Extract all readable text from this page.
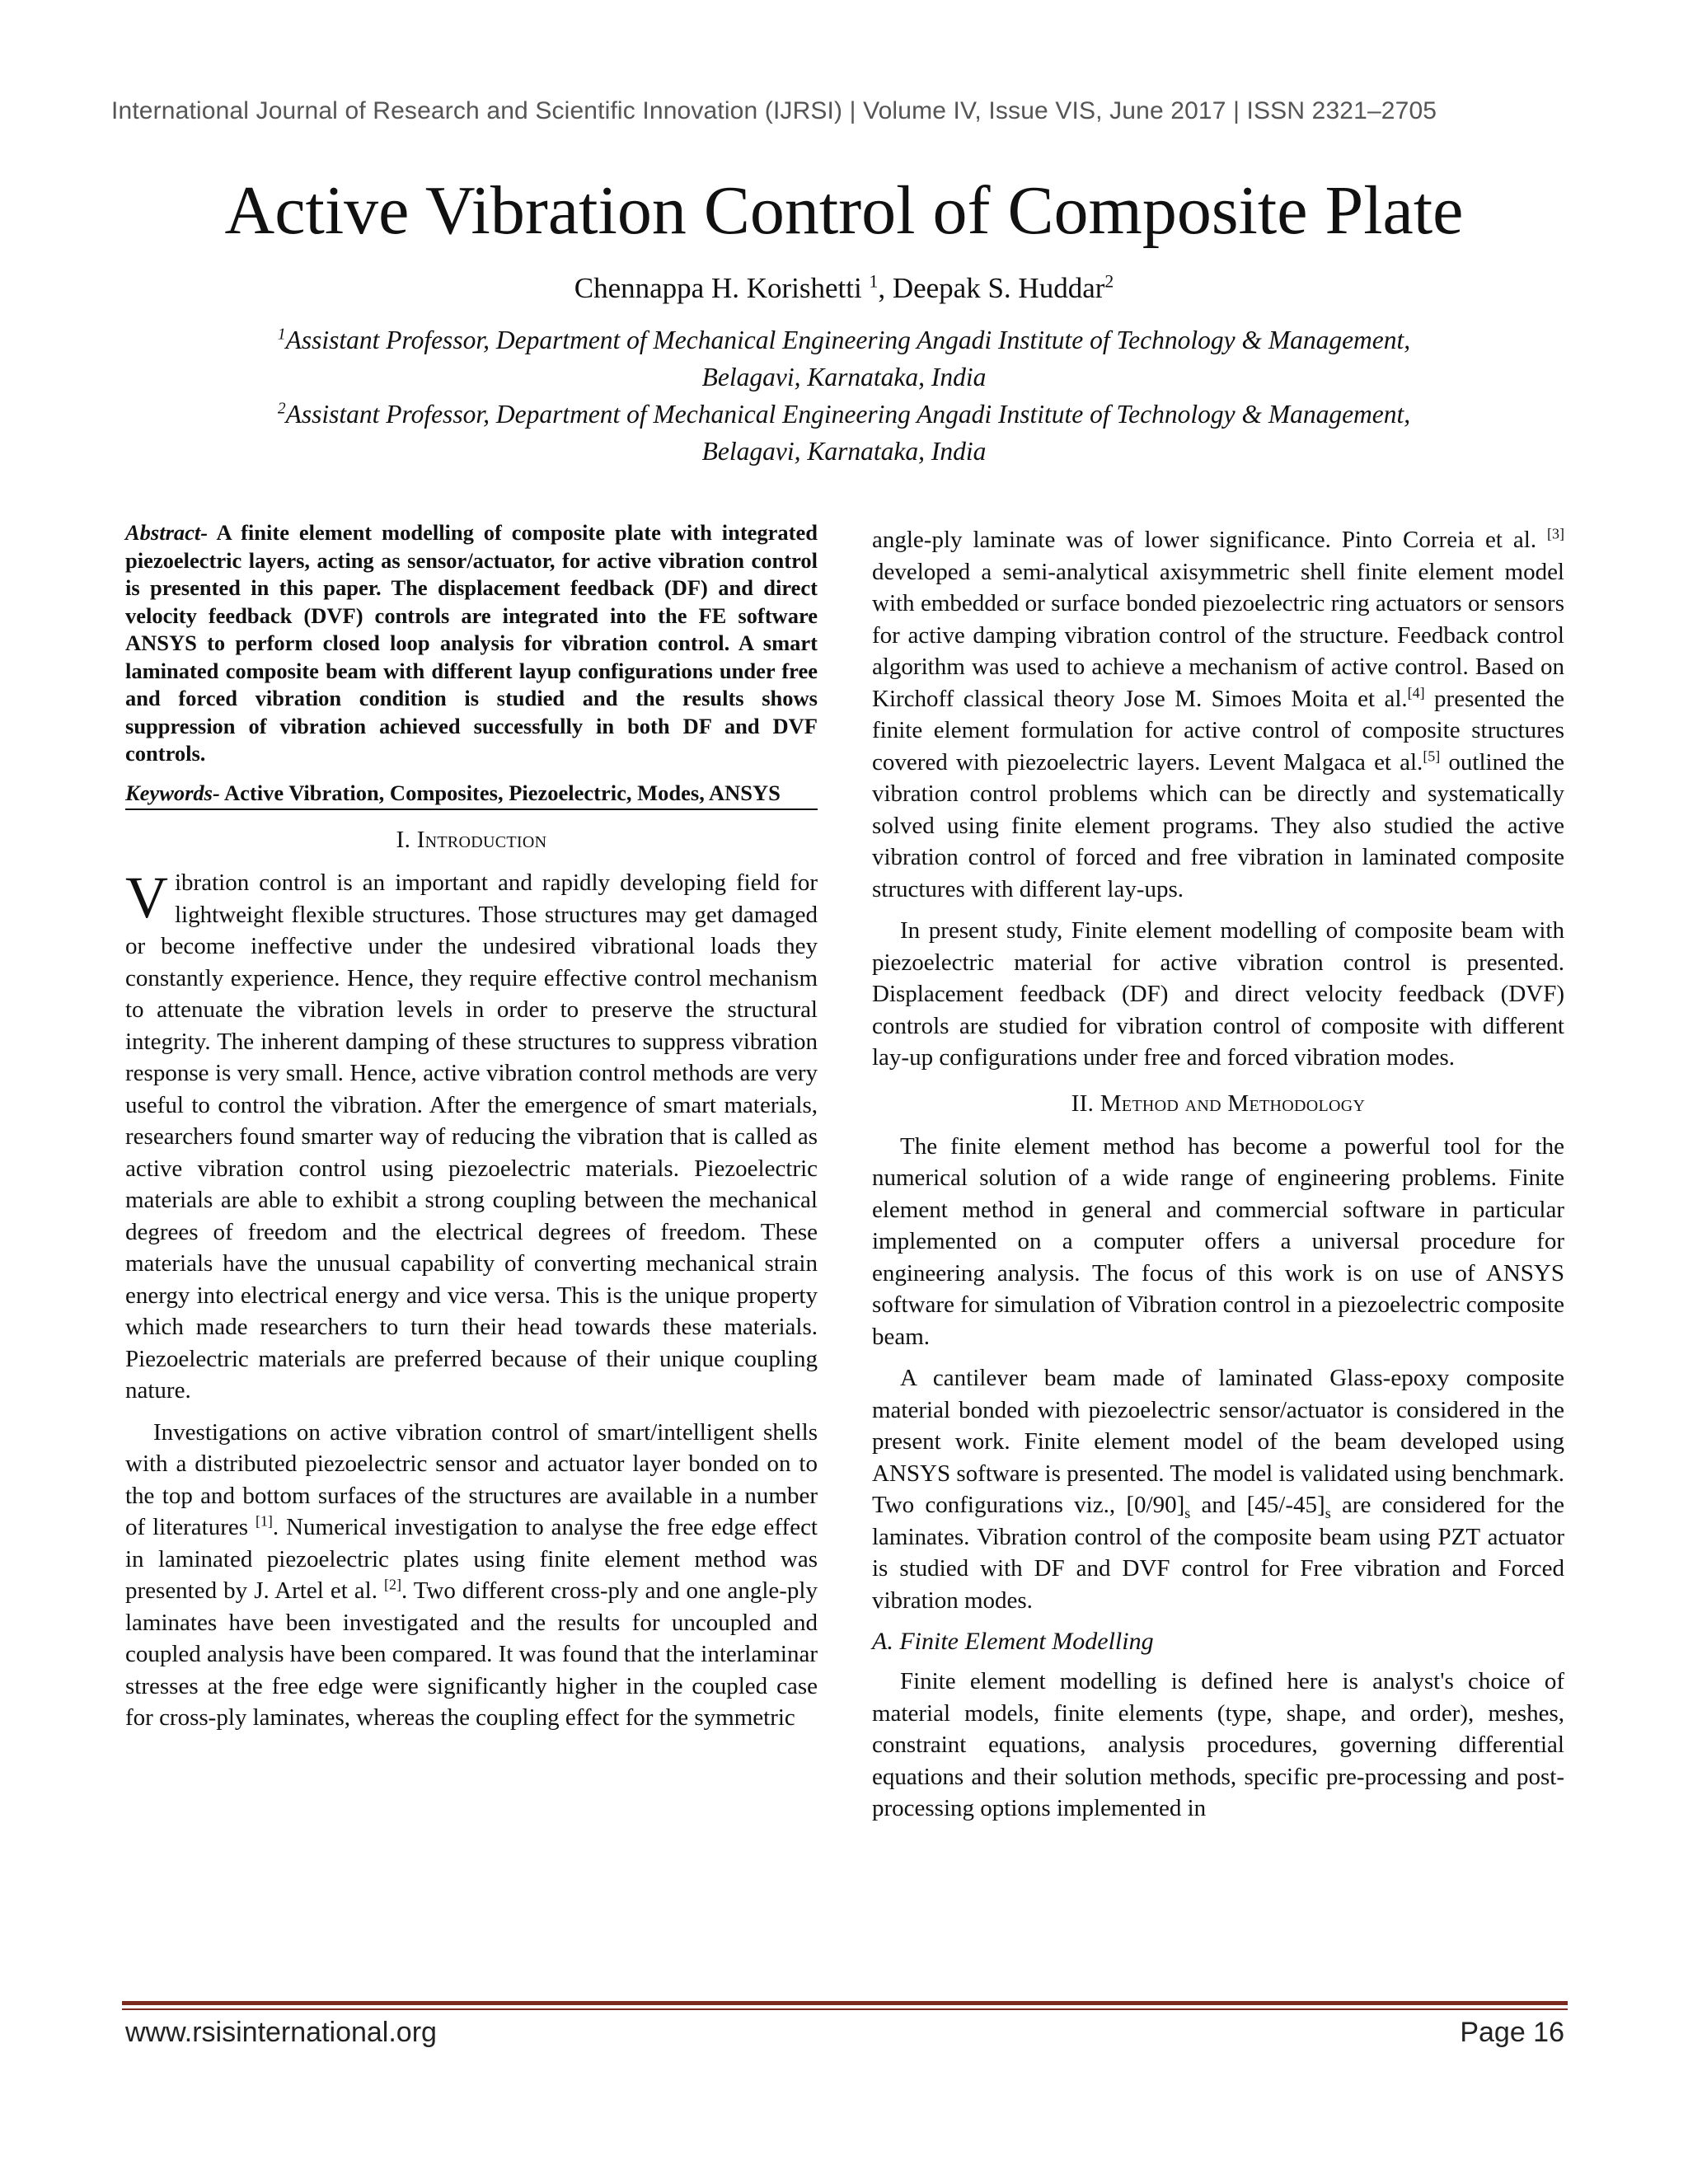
International Journal of Research and Scientific Innovation (IJRSI) | Volume IV, Issue VIS, June 2017 | ISSN 2321–2705
Active Vibration Control of Composite Plate
Chennappa H. Korishetti $^1$, Deepak S. Huddar$^2$
$^1$Assistant Professor, Department of Mechanical Engineering Angadi Institute of Technology & Management,
Belagavi, Karnataka, India
$^2$Assistant Professor, Department of Mechanical Engineering Angadi Institute of Technology & Management,
Belagavi, Karnataka, India

Abstract- A finite element modelling of composite plate with integrated piezoelectric layers, acting as sensor/actuator, for active vibration control is presented in this paper. The displacement feedback (DF) and direct velocity feedback (DVF) controls are integrated into the FE software ANSYS to perform closed loop analysis for vibration control. A smart laminated composite beam with different layup configurations under free and forced vibration condition is studied and the results shows suppression of vibration achieved successfully in both DF and DVF controls.

Keywords- Active Vibration, Composites, Piezoelectric, Modes, ANSYS

I. Introduction

Vibration control is an important and rapidly developing field for lightweight flexible structures. Those structures may get damaged or become ineffective under the undesired vibrational loads they constantly experience. Hence, they require effective control mechanism to attenuate the vibration levels in order to preserve the structural integrity. The inherent damping of these structures to suppress vibration response is very small. Hence, active vibration control methods are very useful to control the vibration. After the emergence of smart materials, researchers found smarter way of reducing the vibration that is called as active vibration control using piezoelectric materials. Piezoelectric materials are able to exhibit a strong coupling between the mechanical degrees of freedom and the electrical degrees of freedom. These materials have the unusual capability of converting mechanical strain energy into electrical energy and vice versa. This is the unique property which made researchers to turn their head towards these materials. Piezoelectric materials are preferred because of their unique coupling nature.

Investigations on active vibration control of smart/intelligent shells with a distributed piezoelectric sensor and actuator layer bonded on to the top and bottom surfaces of the structures are available in a number of literatures [1]. Numerical investigation to analyse the free edge effect in laminated piezoelectric plates using finite element method was presented by J. Artel et al. [2]. Two different cross-ply and one angle-ply laminates have been investigated and the results for uncoupled and coupled analysis have been compared. It was found that the interlaminar stresses at the free edge were significantly higher in the coupled case for cross-ply laminates, whereas the coupling effect for the symmetric

angle-ply laminate was of lower significance. Pinto Correia et al. [3] developed a semi-analytical axisymmetric shell finite element model with embedded or surface bonded piezoelectric ring actuators or sensors for active damping vibration control of the structure. Feedback control algorithm was used to achieve a mechanism of active control. Based on Kirchoff classical theory Jose M. Simoes Moita et al.[4] presented the finite element formulation for active control of composite structures covered with piezoelectric layers. Levent Malgaca et al.[5] outlined the vibration control problems which can be directly and systematically solved using finite element programs. They also studied the active vibration control of forced and free vibration in laminated composite structures with different lay-ups.

In present study, Finite element modelling of composite beam with piezoelectric material for active vibration control is presented. Displacement feedback (DF) and direct velocity feedback (DVF) controls are studied for vibration control of composite with different lay-up configurations under free and forced vibration modes.

II. Method and Methodology

The finite element method has become a powerful tool for the numerical solution of a wide range of engineering problems. Finite element method in general and commercial software in particular implemented on a computer offers a universal procedure for engineering analysis. The focus of this work is on use of ANSYS software for simulation of Vibration control in a piezoelectric composite beam.

A cantilever beam made of laminated Glass-epoxy composite material bonded with piezoelectric sensor/actuator is considered in the present work. Finite element model of the beam developed using ANSYS software is presented. The model is validated using benchmark. Two configurations viz., $[0/90]_s$ and $[45/-45]_s$ are considered for the laminates. Vibration control of the composite beam using PZT actuator is studied with DF and DVF control for Free vibration and Forced vibration modes.

A. Finite Element Modelling

Finite element modelling is defined here is analyst's choice of material models, finite elements (type, shape, and order), meshes, constraint equations, analysis procedures, governing differential equations and their solution methods, specific pre-processing and post-processing options implemented in

www.rsisinternational.org	Page 16
